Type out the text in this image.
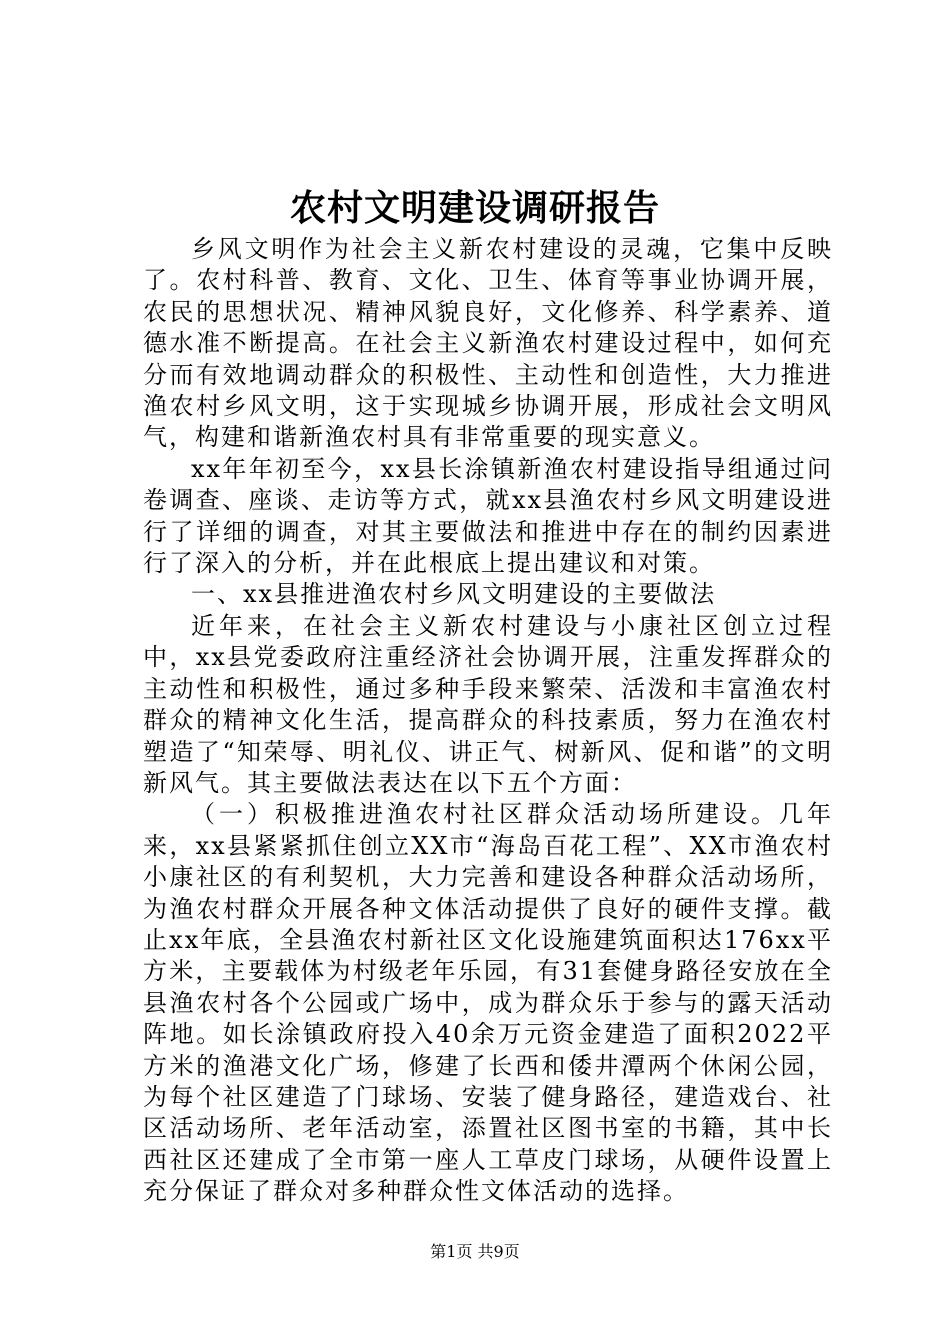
农村文明建设调研报告

乡风文明作为社会主义新农村建设的灵魂，它集中反映了。农村科普、教育、文化、卫生、体育等事业协调开展，农民的思想状况、精神风貌良好，文化修养、科学素养、道德水准不断提高。在社会主义新渔农村建设过程中，如何充分而有效地调动群众的积极性、主动性和创造性，大力推进渔农村乡风文明，这于实现城乡协调开展，形成社会文明风气，构建和谐新渔农村具有非常重要的现实意义。

xx年年初至今，xx县长涂镇新渔农村建设指导组通过问卷调查、座谈、走访等方式，就xx县渔农村乡风文明建设进行了详细的调查，对其主要做法和推进中存在的制约因素进行了深入的分析，并在此根底上提出建议和对策。

一、xx县推进渔农村乡风文明建设的主要做法

近年来，在社会主义新农村建设与小康社区创立过程中，xx县党委政府注重经济社会协调开展，注重发挥群众的主动性和积极性，通过多种手段来繁荣、活泼和丰富渔农村群众的精神文化生活，提高群众的科技素质，努力在渔农村塑造了“知荣辱、明礼仪、讲正气、树新风、促和谐”的文明新风气。其主要做法表达在以下五个方面：

（一）积极推进渔农村社区群众活动场所建设。几年来，xx县紧紧抓住创立XX市“海岛百花工程”、XX市渔农村小康社区的有利契机，大力完善和建设各种群众活动场所，为渔农村群众开展各种文体活动提供了良好的硬件支撑。截止xx年底，全县渔农村新社区文化设施建筑面积达176xx平方米，主要载体为村级老年乐园，有31套健身路径安放在全县渔农村各个公园或广场中，成为群众乐于参与的露天活动阵地。如长涂镇政府投入40余万元资金建造了面积2022平方米的渔港文化广场，修建了长西和倭井潭两个休闲公园，为每个社区建造了门球场、安装了健身路径，建造戏台、社区活动场所、老年活动室，添置社区图书室的书籍，其中长西社区还建成了全市第一座人工草皮门球场，从硬件设置上充分保证了群众对多种群众性文体活动的选择。

第1页 共9页
